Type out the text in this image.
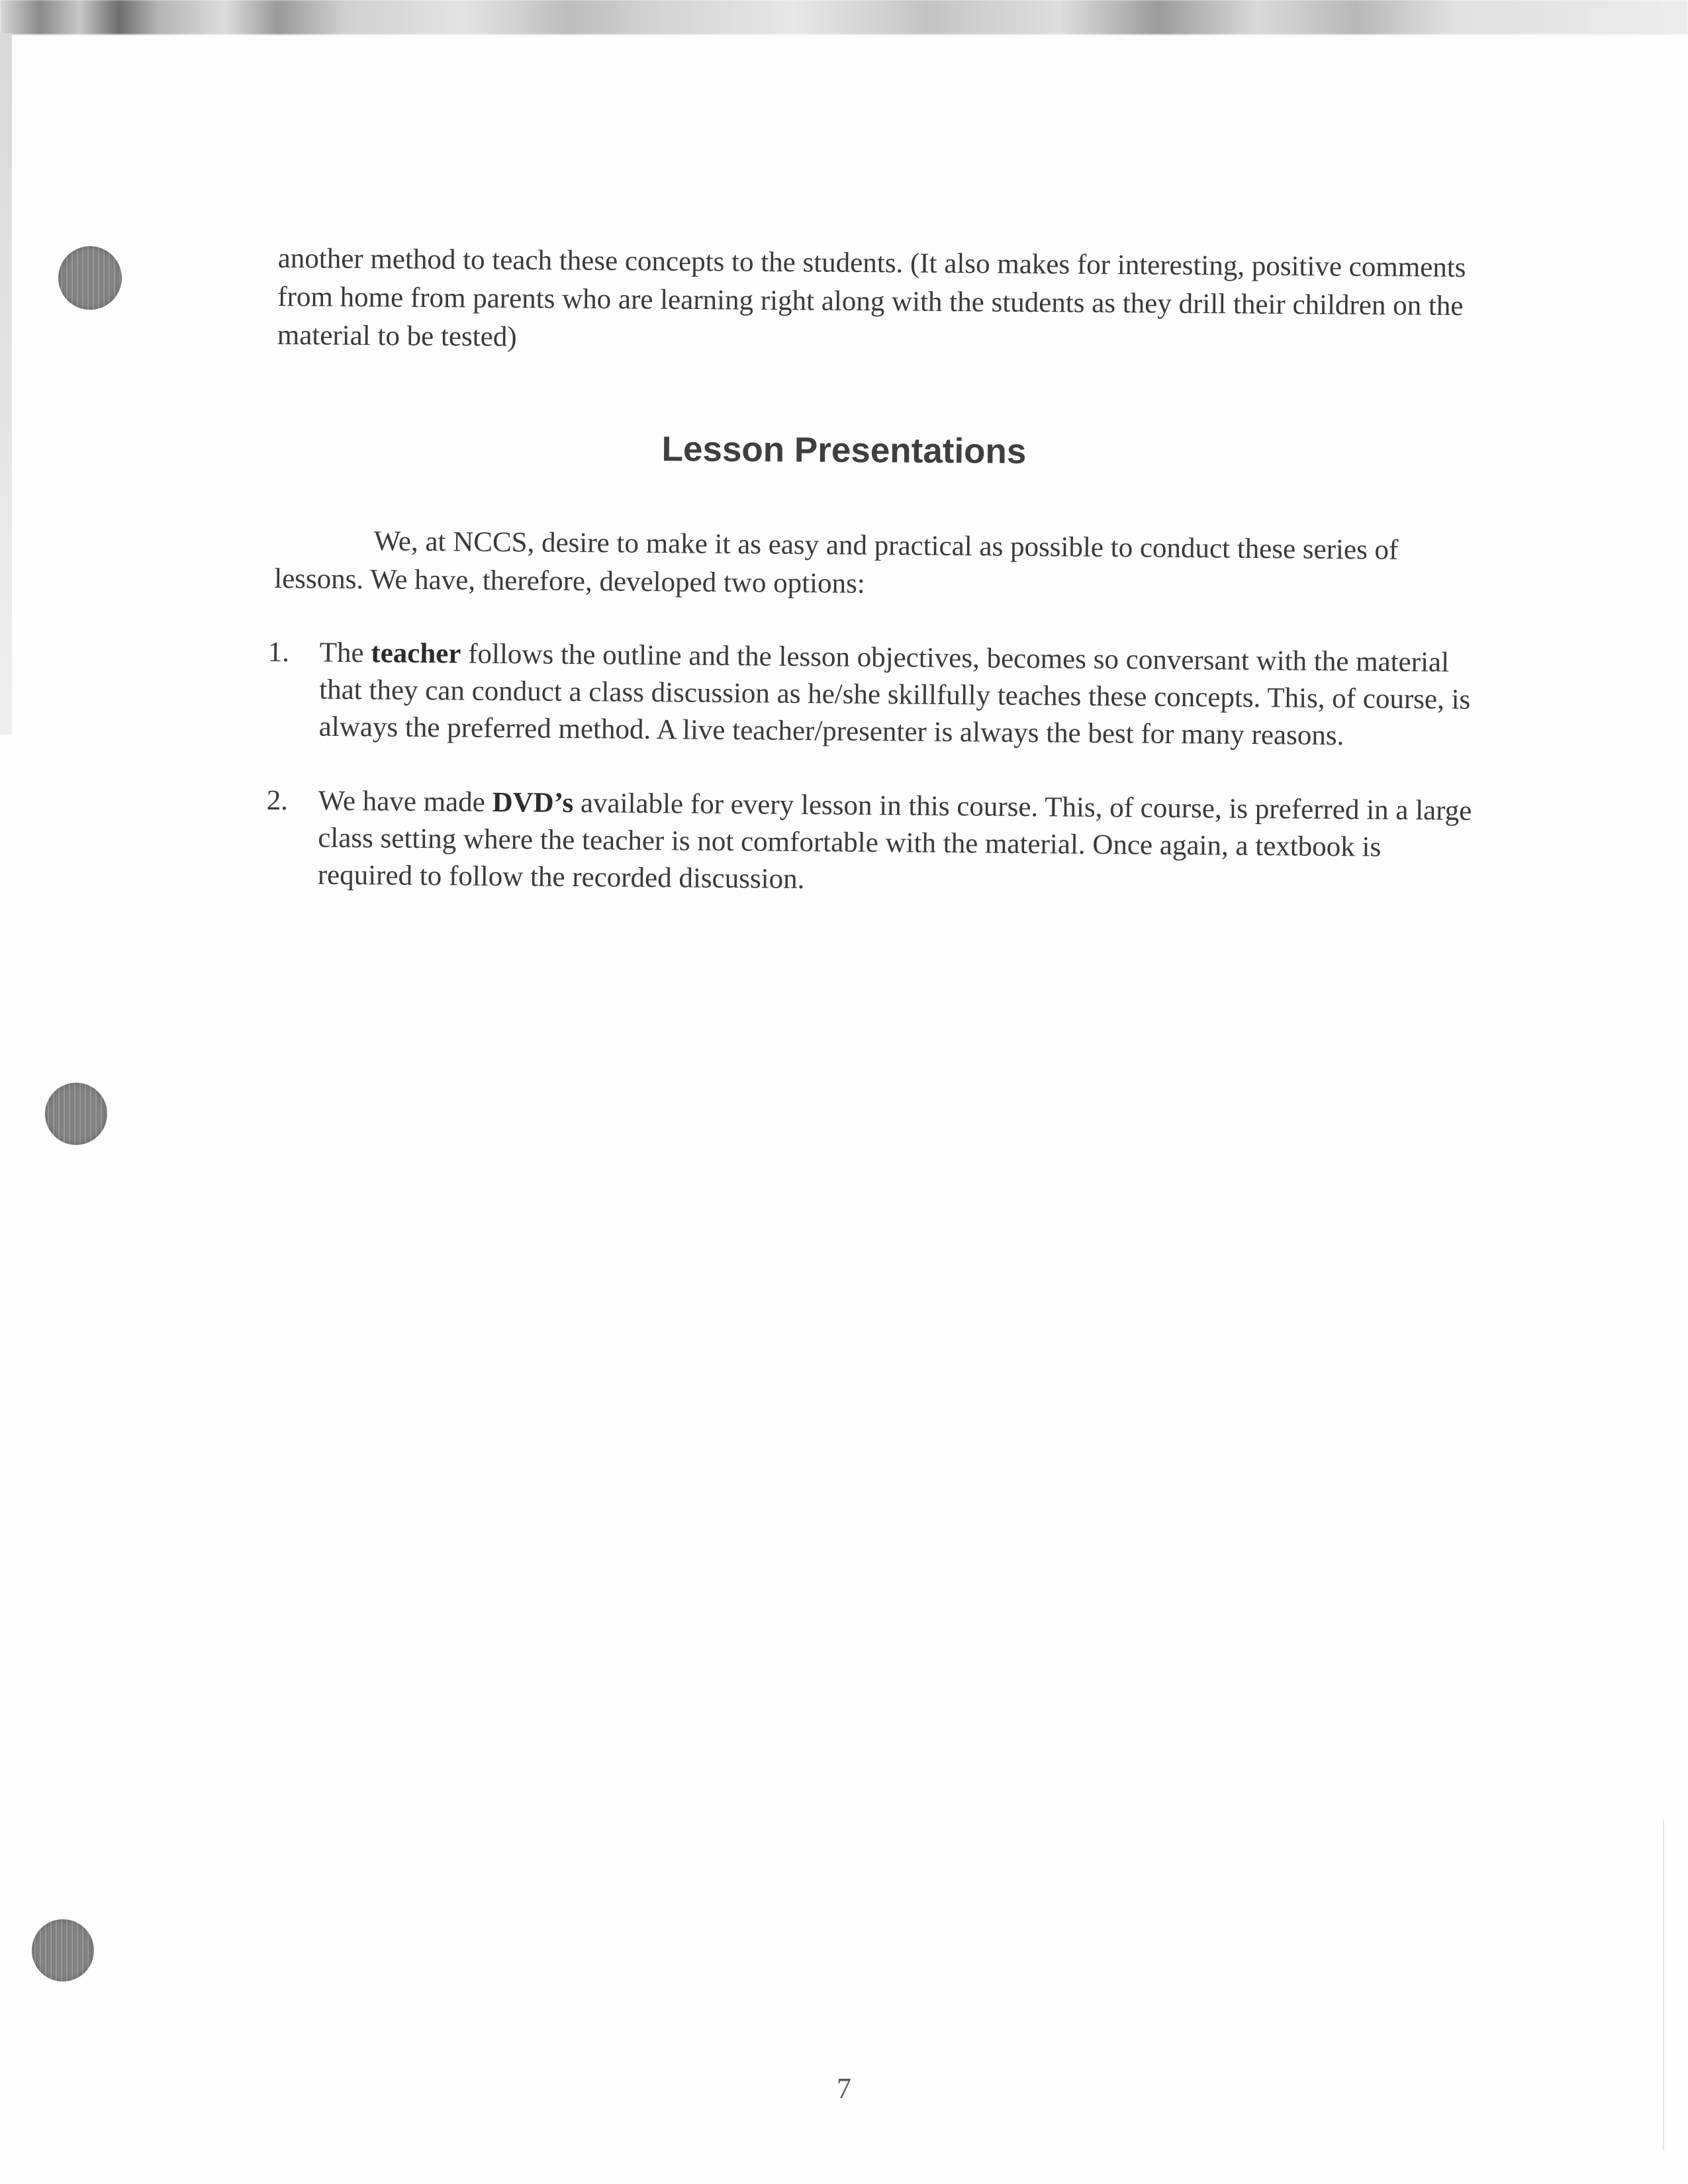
another method to teach these concepts to the students. (It also makes for interesting, positive comments from home from parents who are learning right along with the students as they drill their children on the material to be tested)

Lesson Presentations

We, at NCCS, desire to make it as easy and practical as possible to conduct these series of lessons. We have, therefore, developed two options:

1. The teacher follows the outline and the lesson objectives, becomes so conversant with the material that they can conduct a class discussion as he/she skillfully teaches these concepts. This, of course, is always the preferred method. A live teacher/presenter is always the best for many reasons.
2. We have made DVD’s available for every lesson in this course. This, of course, is preferred in a large class setting where the teacher is not comfortable with the material. Once again, a textbook is required to follow the recorded discussion.
7
